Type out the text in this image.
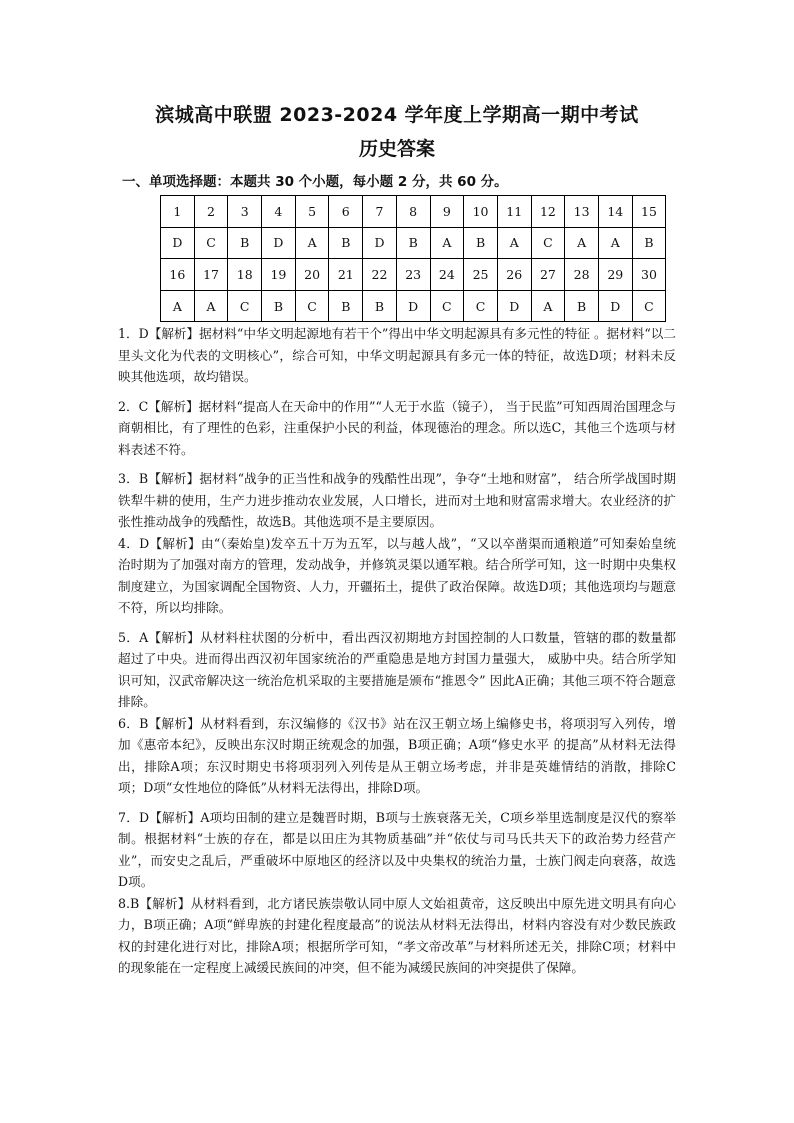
滨城高中联盟 2023-2024 学年度上学期高一期中考试
历史答案
一、单项选择题：本题共 30 个小题，每小题 2 分，共 60 分。
1	2	3	4	5	6	7	8	9	10	11	12	13	14	15
D	C	B	D	A	B	D	B	A	B	A	C	A	A	B
16	17	18	19	20	21	22	23	24	25	26	27	28	29	30
A	A	C	B	C	B	B	D	C	C	D	A	B	D	C

1．D【解析】据材料“中华文明起源地有若干个”得出中华文明起源具有多元性的特征 。据材料“以二里头文化为代表的文明核心”，综合可知，中华文明起源具有多元一体的特征，故选D项；材料未反映其他选项，故均错误。

2．C【解析】据材料“提高人在天命中的作用”“人无于水监（镜子）， 当于民监”可知西周治国理念与商朝相比，有了理性的色彩，注重保护小民的利益，体现德治的理念。所以选C，其他三个选项与材料表述不符。

3．B【解析】据材料“战争的正当性和战争的残酷性出现”，争夺“土地和财富”， 结合所学战国时期铁犁牛耕的使用，生产力进步推动农业发展，人口增长，进而对土地和财富需求增大。农业经济的扩张性推动战争的残酷性，故选B。其他选项不是主要原因。

4．D【解析】由“（秦始皇)发卒五十万为五军，以与越人战”，“又以卒凿渠而通粮道”可知秦始皇统治时期为了加强对南方的管理，发动战争，并修筑灵渠以通军粮。结合所学可知，这一时期中央集权制度建立，为国家调配全国物资、人力，开疆拓土，提供了政治保障。故选D项；其他选项均与题意不符，所以均排除。

5．A【解析】从材料柱状图的分析中，看出西汉初期地方封国控制的人口数量，管辖的郡的数量都超过了中央。进而得出西汉初年国家统治的严重隐患是地方封国力量强大， 威胁中央。结合所学知识可知，汉武帝解决这一统治危机采取的主要措施是颁布“推恩令” 因此A正确；其他三项不符合题意排除。

6．B【解析】从材料看到，东汉编修的《汉书》站在汉王朝立场上编修史书，将项羽写入列传，增加《惠帝本纪》，反映出东汉时期正统观念的加强，B项正确；A项“修史水平 的提高”从材料无法得出，排除A项；东汉时期史书将项羽列入列传是从王朝立场考虑，并非是英雄情结的消散，排除C项；D项“女性地位的降低”从材料无法得出，排除D项。

7．D【解析】A项均田制的建立是魏晋时期，B项与士族衰落无关，C项乡举里选制度是汉代的察举制。根据材料“士族的存在，都是以田庄为其物质基础”并“依仗与司马氏共天下的政治势力经营产业”，而安史之乱后，严重破坏中原地区的经济以及中央集权的统治力量，士族门阀走向衰落，故选D项。

8.B【解析】从材料看到，北方诸民族崇敬认同中原人文始祖黄帝，这反映出中原先进文明具有向心力，B项正确；A项“鲜卑族的封建化程度最高”的说法从材料无法得出，材料内容没有对少数民族政权的封建化进行对比，排除A项；根据所学可知，“孝文帝改革”与材料所述无关，排除C项；材料中的现象能在一定程度上减缓民族间的冲突，但不能为减缓民族间的冲突提供了保障。
